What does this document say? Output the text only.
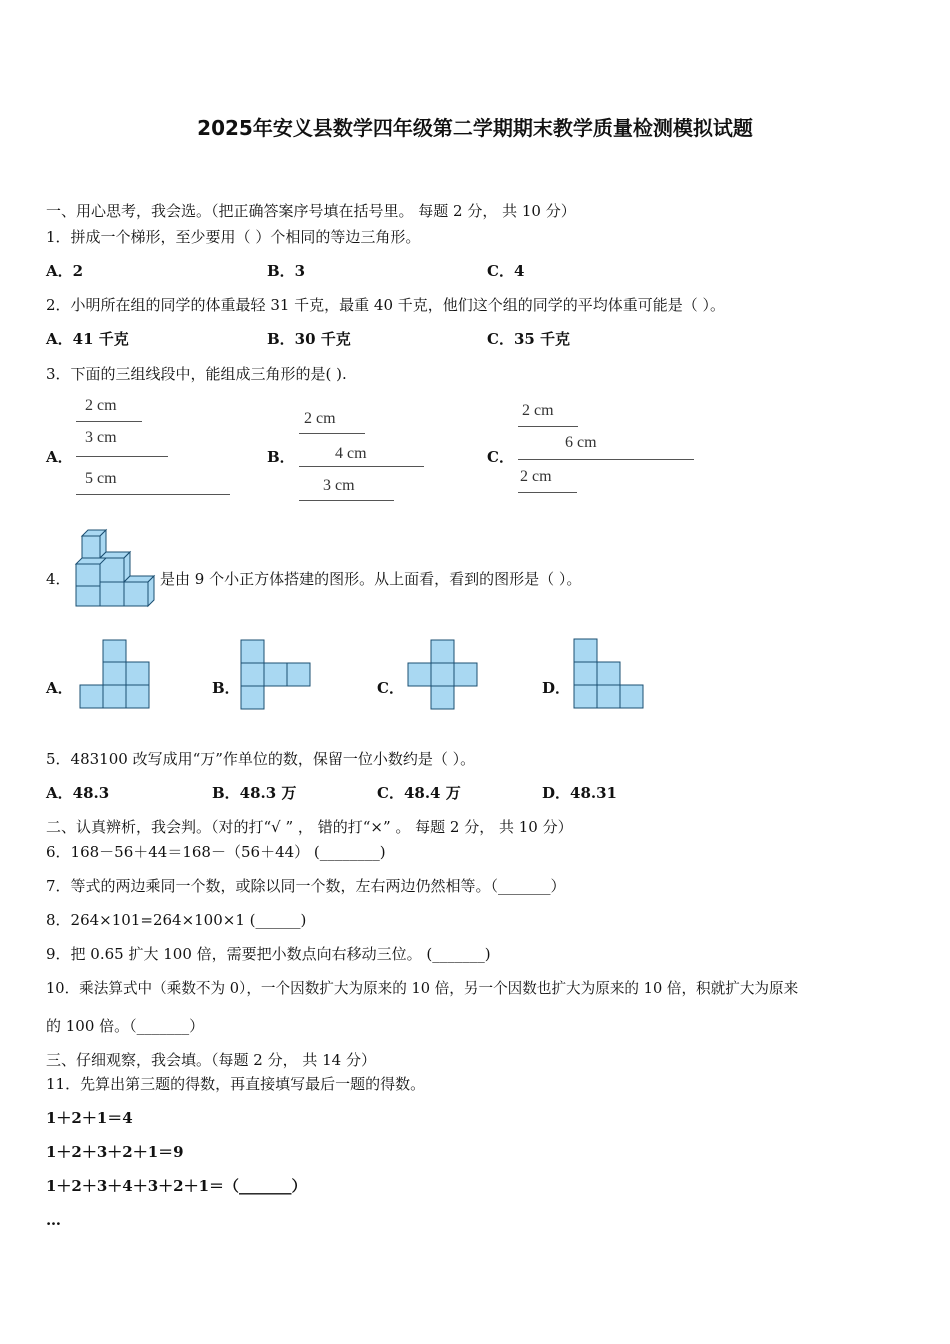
2025年安义县数学四年级第二学期期末教学质量检测模拟试题
一、用心思考，我会选。（把正确答案序号填在括号里。 每题 2 分， 共 10 分）
1．拼成一个梯形，至少要用（ ）个相同的等边三角形。
A．2	B．3	C．4
2．小明所在组的同学的体重最轻 31 千克，最重 40 千克，他们这个组的同学的平均体重可能是（ ）。
A．41 千克	B．30 千克	C．35 千克
3．下面的三组线段中，能组成三角形的是( ).
A．	B．	C．
2 cm
3 cm
5 cm
2 cm
4 cm
3 cm
2 cm
6 cm
2 cm
4．	是由 9 个小正方体搭建的图形。从上面看，看到的图形是（ ）。
A．	B．	C．	D．
5．483100 改写成用“万”作单位的数，保留一位小数约是（ ）。
A．48.3	B．48.3 万	C．48.4 万	D．48.31
二、认真辨析，我会判。（对的打“√ ” ， 错的打“×” 。 每题 2 分， 共 10 分）
6．168－56＋44＝168－（56＋44） (________)
7．等式的两边乘同一个数，或除以同一个数，左右两边仍然相等。（_______）
8．264×101=264×100×1 (______)
9．把 0.65 扩大 100 倍，需要把小数点向右移动三位。 (_______)
10．乘法算式中（乘数不为 0），一个因数扩大为原来的 10 倍，另一个因数也扩大为原来的 10 倍，积就扩大为原来
的 100 倍。（_______）
三、仔细观察，我会填。（每题 2 分， 共 14 分）
11．先算出第三题的得数，再直接填写最后一题的得数。
1＋2＋1＝4
1＋2＋3＋2＋1＝9
1＋2＋3＋4＋3＋2＋1＝（_______）
…
